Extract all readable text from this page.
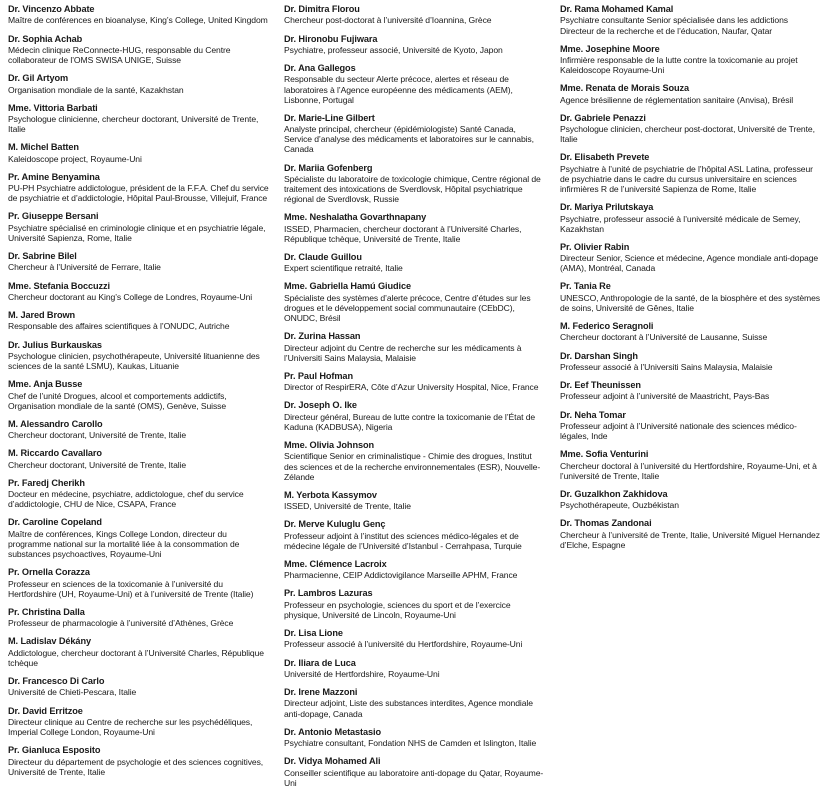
Dr. Vincenzo Abbate
Maître de conférences en bioanalyse, King’s College, United Kingdom
Dr. Sophia Achab
Médecin clinique ReConnecte-HUG, responsable du Centre collaborateur de l’OMS SWISA UNIGE, Suisse
Dr. Gil Artyom
Organisation mondiale de la santé, Kazakhstan
Mme. Vittoria Barbati
Psychologue clinicienne, chercheur doctorant, Université de Trente, Italie
M. Michel Batten
Kaleidoscope project, Royaume-Uni
Pr. Amine Benyamina
PU-PH Psychiatre addictologue, président de la F.F.A. Chef du service de psychiatrie et d’addictologie, Hôpital Paul-Brousse, Villejuif, France
Pr. Giuseppe Bersani
Psychiatre spécialisé en criminologie clinique et en psychiatrie légale, Université Sapienza, Rome, Italie
Dr. Sabrine Bilel
Chercheur à l’Université de Ferrare, Italie
Mme. Stefania Boccuzzi
Chercheur doctorant au King’s College de Londres, Royaume-Uni
M. Jared Brown
Responsable des affaires scientifiques à l’ONUDC, Autriche
Dr. Julius Burkauskas
Psychologue clinicien, psychothérapeute, Université lituanienne des sciences de la santé LSMU), Kaukas, Lituanie
Mme. Anja Busse
Chef de l’unité Drogues, alcool et comportements addictifs, Organisation mondiale de la santé (OMS), Genève, Suisse
M. Alessandro Carollo
Chercheur doctorant, Université de Trente, Italie
M. Riccardo Cavallaro
Chercheur doctorant, Université de Trente, Italie
Pr. Faredj Cherikh
Docteur en médecine, psychiatre, addictologue, chef du service d’addictologie, CHU de Nice, CSAPA, France
Dr. Caroline Copeland
Maître de conférences, Kings College London, directeur du programme national sur la mortalité liée à la consommation de substances psychoactives, Royaume-Uni
Pr. Ornella Corazza
Professeur en sciences de la toxicomanie à l’université du Hertfordshire (UH, Royaume-Uni) et à l’université de Trente (Italie)
Pr. Christina Dalla
Professeur de pharmacologie à l’université d’Athènes, Grèce
M. Ladislav Dékány
Addictologue, chercheur doctorant à l’Université Charles, République tchèque
Dr. Francesco Di Carlo
Université de Chieti-Pescara, Italie
Dr. David Erritzoe
Directeur clinique au Centre de recherche sur les psychédéliques, Imperial College London, Royaume-Uni
Pr. Gianluca Esposito
Directeur du département de psychologie et des sciences cognitives, Université de Trente, Italie
Dr. Dimitra Florou
Chercheur post-doctorat à l’université d’Ioannina, Grèce
Dr. Hironobu Fujiwara
Psychiatre, professeur associé, Université de Kyoto, Japon
Dr. Ana Gallegos
Responsable du secteur Alerte précoce, alertes et réseau de laboratoires à l’Agence européenne des médicaments (AEM), Lisbonne, Portugal
Dr. Marie-Line Gilbert
Analyste principal, chercheur (épidémiologiste) Santé Canada, Service d’analyse des médicaments et laboratoires sur le cannabis, Canada
Dr. Mariia Gofenberg
Spécialiste du laboratoire de toxicologie chimique, Centre régional de traitement des intoxications de Sverdlovsk, Hôpital psychiatrique régional de Sverdlovsk, Russie
Mme. Neshalatha Govarthnapany
ISSED, Pharmacien, chercheur doctorant à l’Université Charles, République tchèque, Université de Trente, Italie
Dr. Claude Guillou
Expert scientifique retraité, Italie
Mme. Gabriella Hamú Giudice
Spécialiste des systèmes d’alerte précoce, Centre d’études sur les drogues et le développement social communautaire (CEbDC), ONUDC, Brésil
Dr. Zurina Hassan
Directeur adjoint du Centre de recherche sur les médicaments à l’Universiti Sains Malaysia, Malaisie
Pr. Paul Hofman
Director of RespirERA, Côte d’Azur University Hospital, Nice, France
Dr. Joseph O. Ike
Directeur général, Bureau de lutte contre la toxicomanie de l’État de Kaduna (KADBUSA), Nigeria
Mme. Olivia Johnson
Scientifique Senior en criminalistique - Chimie des drogues, Institut des sciences et de la recherche environnementales (ESR), Nouvelle-Zélande
M. Yerbota Kassymov
ISSED, Université de Trente, Italie
Dr. Merve Kuluglu Genç
Professeur adjoint à l’institut des sciences médico-légales et de médecine légale de l’Université d’Istanbul - Cerrahpasa, Turquie
Mme. Clémence Lacroix
Pharmacienne, CEIP Addictovigilance Marseille APHM, France
Pr. Lambros Lazuras
Professeur en psychologie, sciences du sport et de l’exercice physique, Université de Lincoln, Royaume-Uni
Dr. Lisa Lione
Professeur associé à l’université du Hertfordshire, Royaume-Uni
Dr. Iliara de Luca
Université de Hertfordshire, Royaume-Uni
Dr. Irene Mazzoni
Directeur adjoint, Liste des substances interdites, Agence mondiale anti-dopage, Canada
Dr. Antonio Metastasio
Psychiatre consultant, Fondation NHS de Camden et Islington, Italie
Dr. Vidya Mohamed Ali
Conseiller scientifique au laboratoire anti-dopage du Qatar, Royaume-Uni
Dr. Rama Mohamed Kamal
Psychiatre consultante Senior spécialisée dans les addictions Directeur de la recherche et de l’éducation, Naufar, Qatar
Mme. Josephine Moore
Infirmière responsable de la lutte contre la toxicomanie au projet Kaleidoscope Royaume-Uni
Mme. Renata de Morais Souza
Agence brésilienne de réglementation sanitaire (Anvisa), Brésil
Dr. Gabriele Penazzi
Psychologue clinicien, chercheur post-doctorat, Université de Trente, Italie
Dr. Elisabeth Prevete
Psychiatre à l’unité de psychiatrie de l’hôpital ASL Latina, professeur de psychiatrie dans le cadre du cursus universitaire en sciences infirmières R de l’université Sapienza de Rome, Italie
Dr. Mariya Prilutskaya
Psychiatre, professeur associé à l’université médicale de Semey, Kazakhstan
Pr. Olivier Rabin
Directeur Senior, Science et médecine, Agence mondiale anti-dopage (AMA), Montréal, Canada
Pr. Tania Re
UNESCO, Anthropologie de la santé, de la biosphère et des systèmes de soins, Université de Gênes, Italie
M. Federico Seragnoli
Chercheur doctorant à l’Université de Lausanne, Suisse
Dr. Darshan Singh
Professeur associé à l’Universiti Sains Malaysia, Malaisie
Dr. Eef Theunissen
Professeur adjoint à l’université de Maastricht, Pays-Bas
Dr. Neha Tomar
Professeur adjoint à l’Université nationale des sciences médico-légales, Inde
Mme. Sofia Venturini
Chercheur doctoral à l’université du Hertfordshire, Royaume-Uni, et à l’université de Trente, Italie
Dr. Guzalkhon Zakhidova
Psychothérapeute, Ouzbékistan
Dr. Thomas Zandonai
Chercheur à l’université de Trente, Italie, Université Miguel Hernandez d’Elche, Espagne
